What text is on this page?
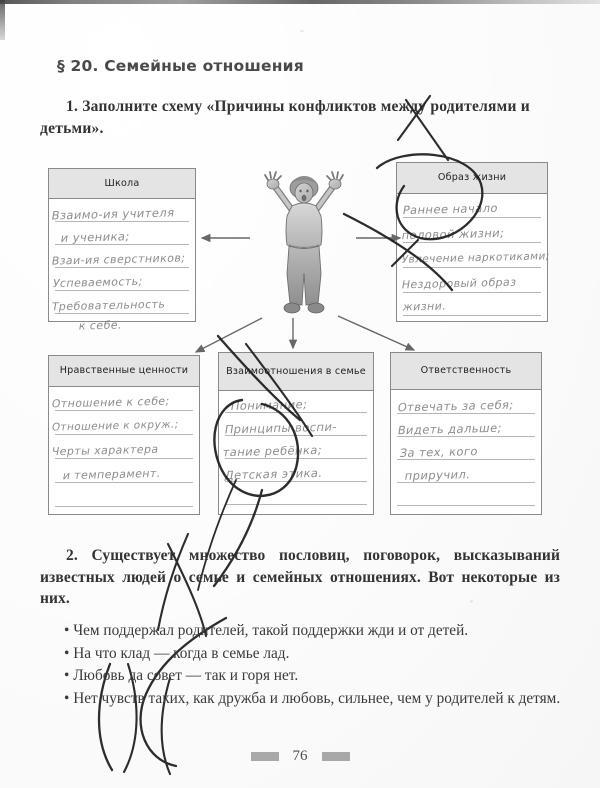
§ 20. Семейные отношения
1. Заполните схему «Причины конфликтов между родителями и детьми».
Школа
Взаимо-ия учителя
и ученика;
Взаи-ия сверстников;
Успеваемость;
Требовательность
к себе.
Образ жизни
Раннее начало
половой жизни;
Увлечение наркотиками;
Нездоровый образ
жизни.
Нравственные ценности
Отношение к себе;
Отношение к окруж.;
Черты характера
и темперамент.
Взаимоотношения в семье
Понимание;
Принципы воспи-
тание ребёнка;
Детская этика.
Ответственность
Отвечать за себя;
Видеть дальше;
За тех, кого
приручил.
2. Существует множество пословиц, поговорок, высказываний известных людей о семье и семейных отношениях. Вот некоторые из них.

• Чем поддержал родителей, такой поддержки жди и от детей.

• На что клад — когда в семье лад.

• Любовь да совет — так и горя нет.

• Нет чувств таких, как дружба и любовь, сильнее, чем у родителей к детям.

76
